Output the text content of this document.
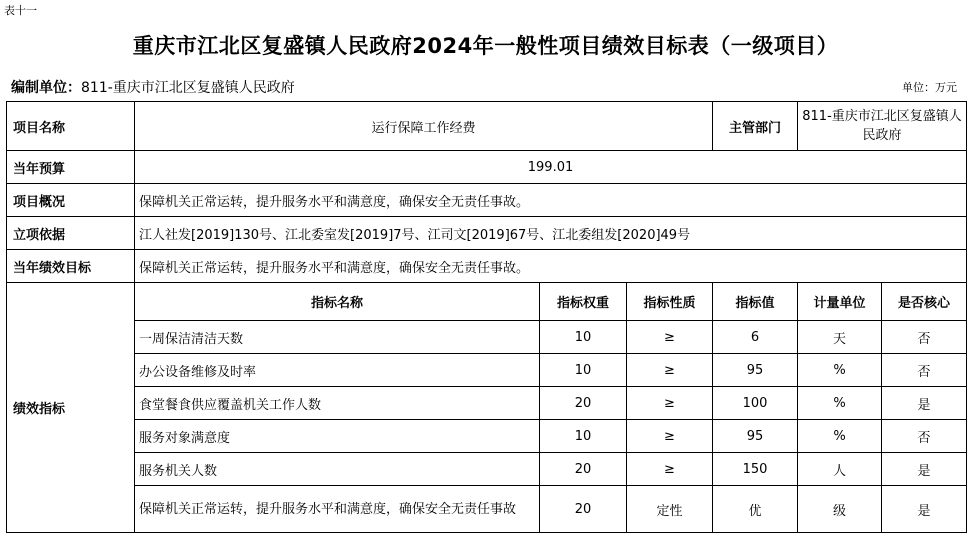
表十一
重庆市江北区复盛镇人民政府2024年一般性项目绩效目标表（一级项目）
编制单位：811-重庆市江北区复盛镇人民政府	单位：万元
项目名称	运行保障工作经费			主管部门	811-重庆市江北区复盛镇人民政府	
当年预算	199.01					
项目概况	保障机关正常运转，提升服务水平和满意度，确保安全无责任事故。					
立项依据	江人社发[2019]130号、江北委室发[2019]7号、江司文[2019]67号、江北委组发[2020]49号					
当年绩效目标	保障机关正常运转，提升服务水平和满意度，确保安全无责任事故。					
绩效指标	指标名称	指标权重	指标性质	指标值	计量单位	是否核心
	一周保洁清洁天数	10	≥	6	天	否
	办公设备维修及时率	10	≥	95	%	否
	食堂餐食供应覆盖机关工作人数	20	≥	100	%	是
	服务对象满意度	10	≥	95	%	否
	服务机关人数	20	≥	150	人	是
	保障机关正常运转，提升服务水平和满意度，确保安全无责任事故	20	定性	优	级	是
